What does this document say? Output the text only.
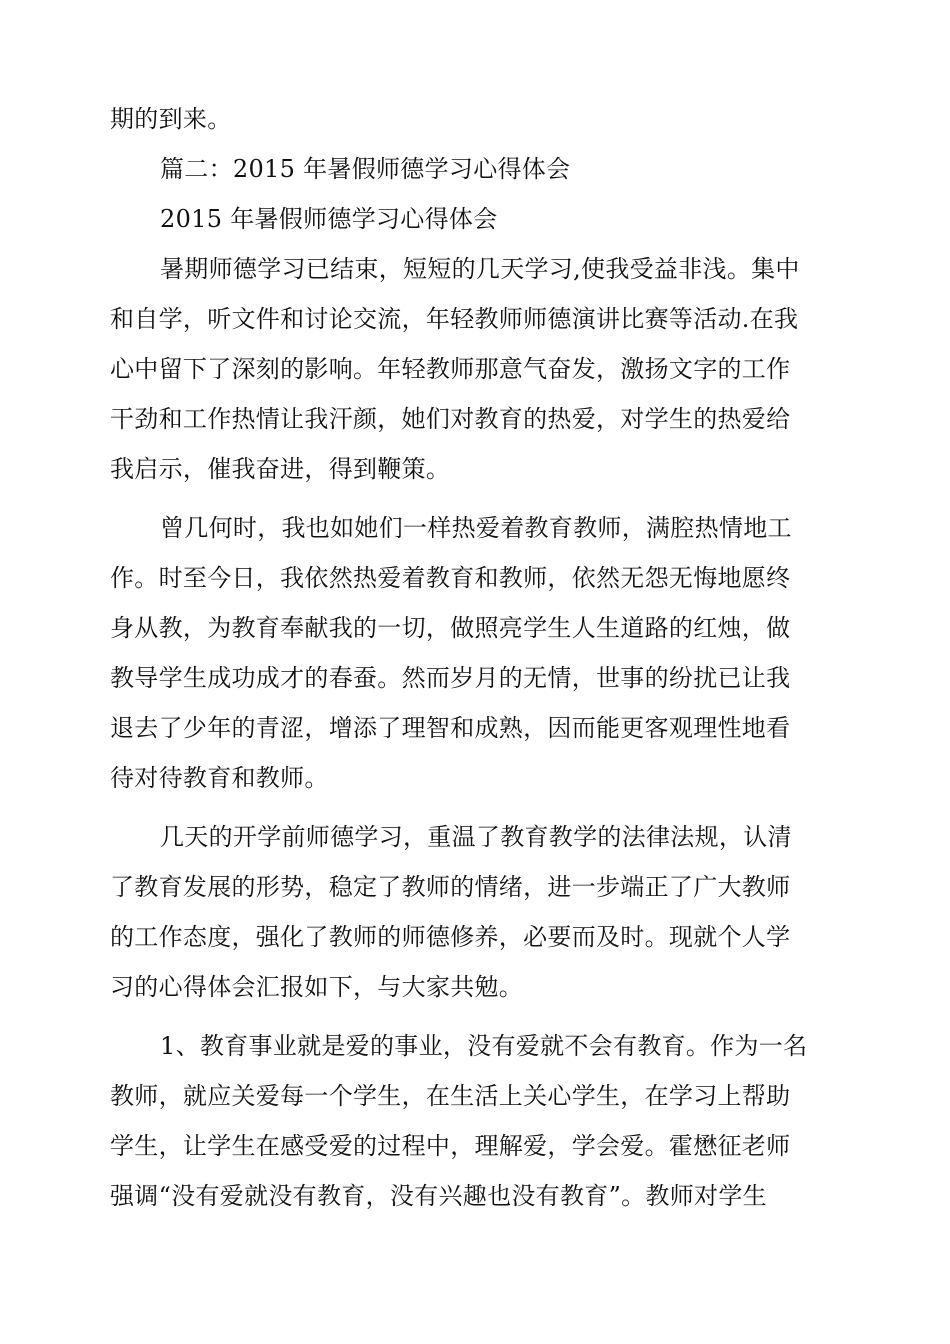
期的到来。
篇二：2015 年暑假师德学习心得体会
2015 年暑假师德学习心得体会
暑期师德学习已结束，短短的几天学习,使我受益非浅。集中
和自学，听文件和讨论交流，年轻教师师德演讲比赛等活动.在我
心中留下了深刻的影响。年轻教师那意气奋发，激扬文字的工作
干劲和工作热情让我汗颜，她们对教育的热爱，对学生的热爱给
我启示，催我奋进，得到鞭策。
曾几何时，我也如她们一样热爱着教育教师，满腔热情地工
作。时至今日，我依然热爱着教育和教师，依然无怨无悔地愿终
身从教，为教育奉献我的一切，做照亮学生人生道路的红烛，做
教导学生成功成才的春蚕。然而岁月的无情，世事的纷扰已让我
退去了少年的青涩，增添了理智和成熟，因而能更客观理性地看
待对待教育和教师。
几天的开学前师德学习，重温了教育教学的法律法规，认清
了教育发展的形势，稳定了教师的情绪，进一步端正了广大教师
的工作态度，强化了教师的师德修养，必要而及时。现就个人学
习的心得体会汇报如下，与大家共勉。
1、教育事业就是爱的事业，没有爱就不会有教育。作为一名
教师，就应关爱每一个学生，在生活上关心学生，在学习上帮助
学生，让学生在感受爱的过程中，理解爱，学会爱。霍懋征老师
强调“没有爱就没有教育，没有兴趣也没有教育”。教师对学生
